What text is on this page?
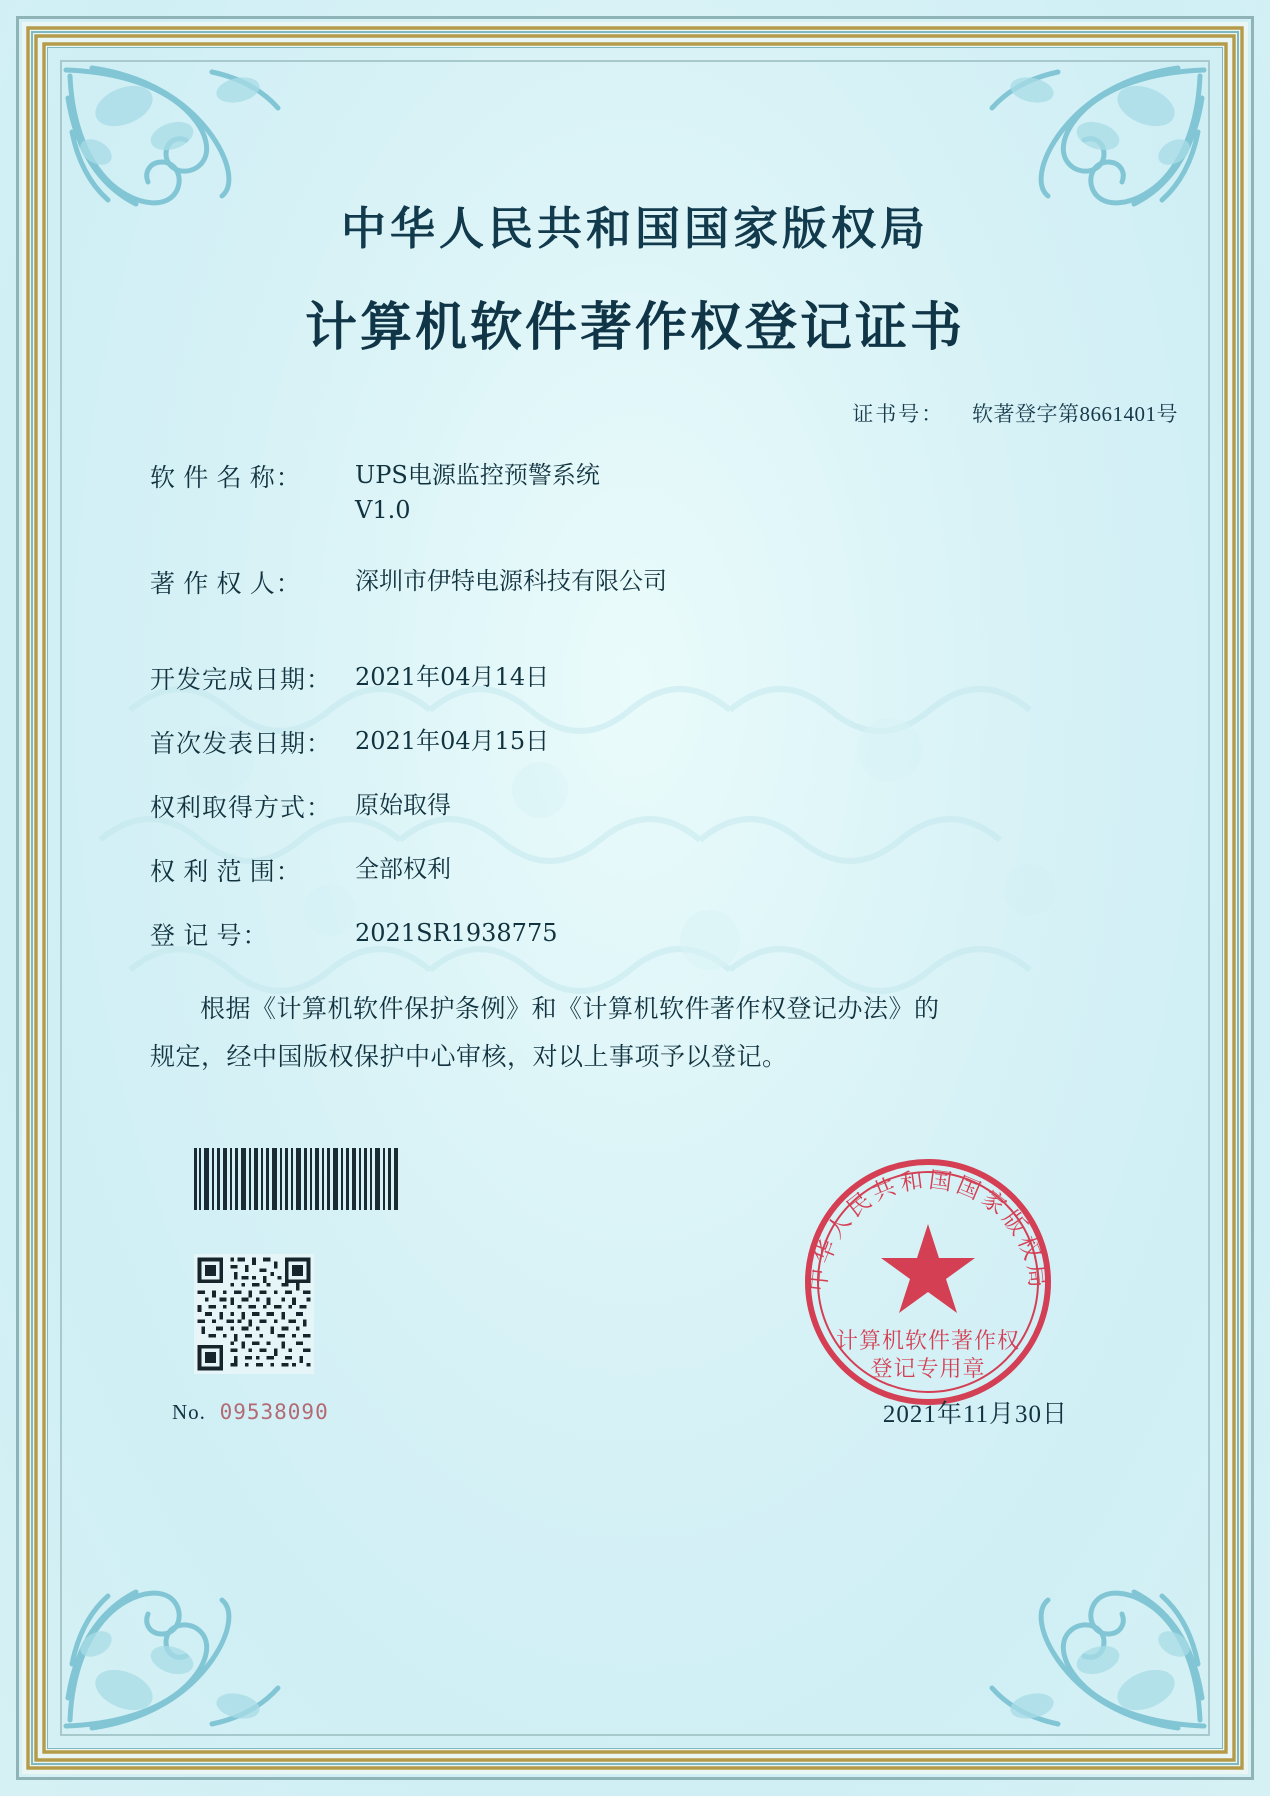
中华人民共和国国家版权局
计算机软件著作权登记证书
证书号： 软著登字第8661401号
软 件 名 称：	UPS电源监控预警系统
V1.0
著 作 权 人：	深圳市伊特电源科技有限公司
开发完成日期： 2021年04月14日
首次发表日期： 2021年04月15日
权利取得方式： 原始取得
权 利 范 围：	全部权利
登 记 号：	2021SR1938775
根据《计算机软件保护条例》和《计算机软件著作权登记办法》的
规定，经中国版权保护中心审核，对以上事项予以登记。
No. 09538090
中华人民共和国国家版权局
计算机软件著作权
登记专用章
2021年11月30日
